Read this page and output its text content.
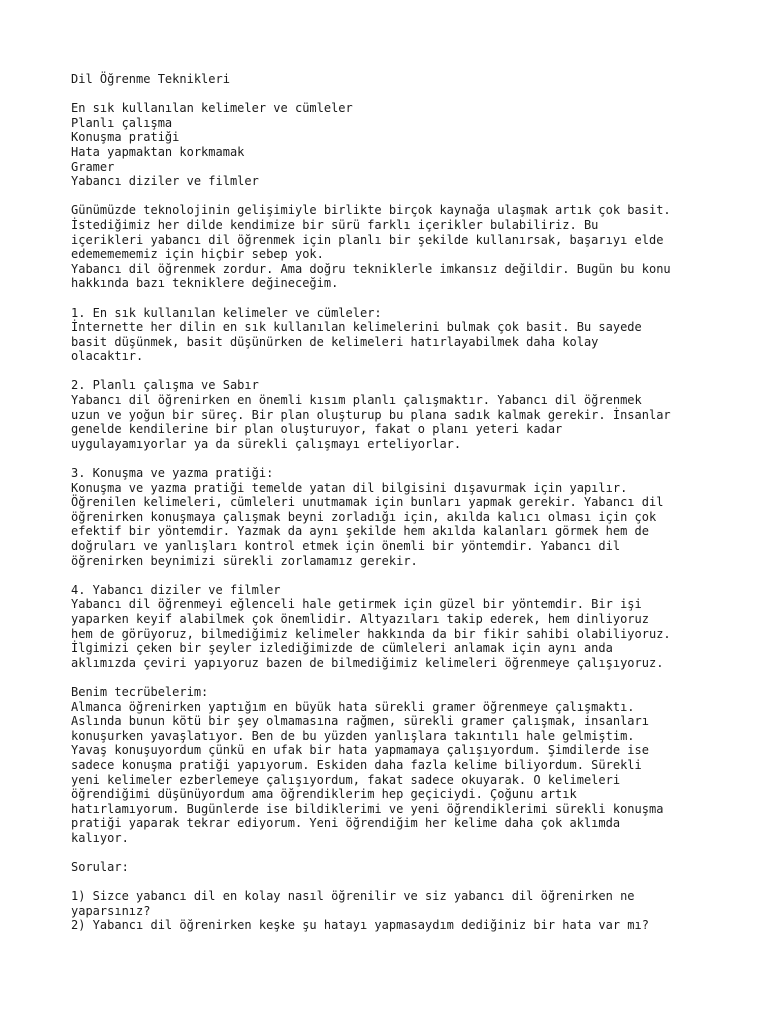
Dil Öğrenme Teknikleri

En sık kullanılan kelimeler ve cümleler
Planlı çalışma
Konuşma pratiği
Hata yapmaktan korkmamak
Gramer
Yabancı diziler ve filmler

Günümüzde teknolojinin gelişimiyle birlikte birçok kaynağa ulaşmak artık çok basit.
İstediğimiz her dilde kendimize bir sürü farklı içerikler bulabiliriz. Bu
içerikleri yabancı dil öğrenmek için planlı bir şekilde kullanırsak, başarıyı elde
edememememiz için hiçbir sebep yok.
Yabancı dil öğrenmek zordur. Ama doğru tekniklerle imkansız değildir. Bugün bu konu
hakkında bazı tekniklere değineceğim.

1. En sık kullanılan kelimeler ve cümleler:
İnternette her dilin en sık kullanılan kelimelerini bulmak çok basit. Bu sayede
basit düşünmek, basit düşünürken de kelimeleri hatırlayabilmek daha kolay
olacaktır.

2. Planlı çalışma ve Sabır
Yabancı dil öğrenirken en önemli kısım planlı çalışmaktır. Yabancı dil öğrenmek
uzun ve yoğun bir süreç. Bir plan oluşturup bu plana sadık kalmak gerekir. İnsanlar
genelde kendilerine bir plan oluşturuyor, fakat o planı yeteri kadar
uygulayamıyorlar ya da sürekli çalışmayı erteliyorlar.

3. Konuşma ve yazma pratiği:
Konuşma ve yazma pratiği temelde yatan dil bilgisini dışavurmak için yapılır.
Öğrenilen kelimeleri, cümleleri unutmamak için bunları yapmak gerekir. Yabancı dil
öğrenirken konuşmaya çalışmak beyni zorladığı için, akılda kalıcı olması için çok
efektif bir yöntemdir. Yazmak da aynı şekilde hem akılda kalanları görmek hem de
doğruları ve yanlışları kontrol etmek için önemli bir yöntemdir. Yabancı dil
öğrenirken beynimizi sürekli zorlamamız gerekir.

4. Yabancı diziler ve filmler
Yabancı dil öğrenmeyi eğlenceli hale getirmek için güzel bir yöntemdir. Bir işi
yaparken keyif alabilmek çok önemlidir. Altyazıları takip ederek, hem dinliyoruz
hem de görüyoruz, bilmediğimiz kelimeler hakkında da bir fikir sahibi olabiliyoruz.
İlgimizi çeken bir şeyler izlediğimizde de cümleleri anlamak için aynı anda
aklımızda çeviri yapıyoruz bazen de bilmediğimiz kelimeleri öğrenmeye çalışıyoruz.

Benim tecrübelerim:
Almanca öğrenirken yaptığım en büyük hata sürekli gramer öğrenmeye çalışmaktı.
Aslında bunun kötü bir şey olmamasına rağmen, sürekli gramer çalışmak, insanları
konuşurken yavaşlatıyor. Ben de bu yüzden yanlışlara takıntılı hale gelmiştim.
Yavaş konuşuyordum çünkü en ufak bir hata yapmamaya çalışıyordum. Şimdilerde ise
sadece konuşma pratiği yapıyorum. Eskiden daha fazla kelime biliyordum. Sürekli
yeni kelimeler ezberlemeye çalışıyordum, fakat sadece okuyarak. O kelimeleri
öğrendiğimi düşünüyordum ama öğrendiklerim hep geçiciydi. Çoğunu artık
hatırlamıyorum. Bugünlerde ise bildiklerimi ve yeni öğrendiklerimi sürekli konuşma
pratiği yaparak tekrar ediyorum. Yeni öğrendiğim her kelime daha çok aklımda
kalıyor.

Sorular:

1) Sizce yabancı dil en kolay nasıl öğrenilir ve siz yabancı dil öğrenirken ne
yaparsınız?
2) Yabancı dil öğrenirken keşke şu hatayı yapmasaydım dediğiniz bir hata var mı?
